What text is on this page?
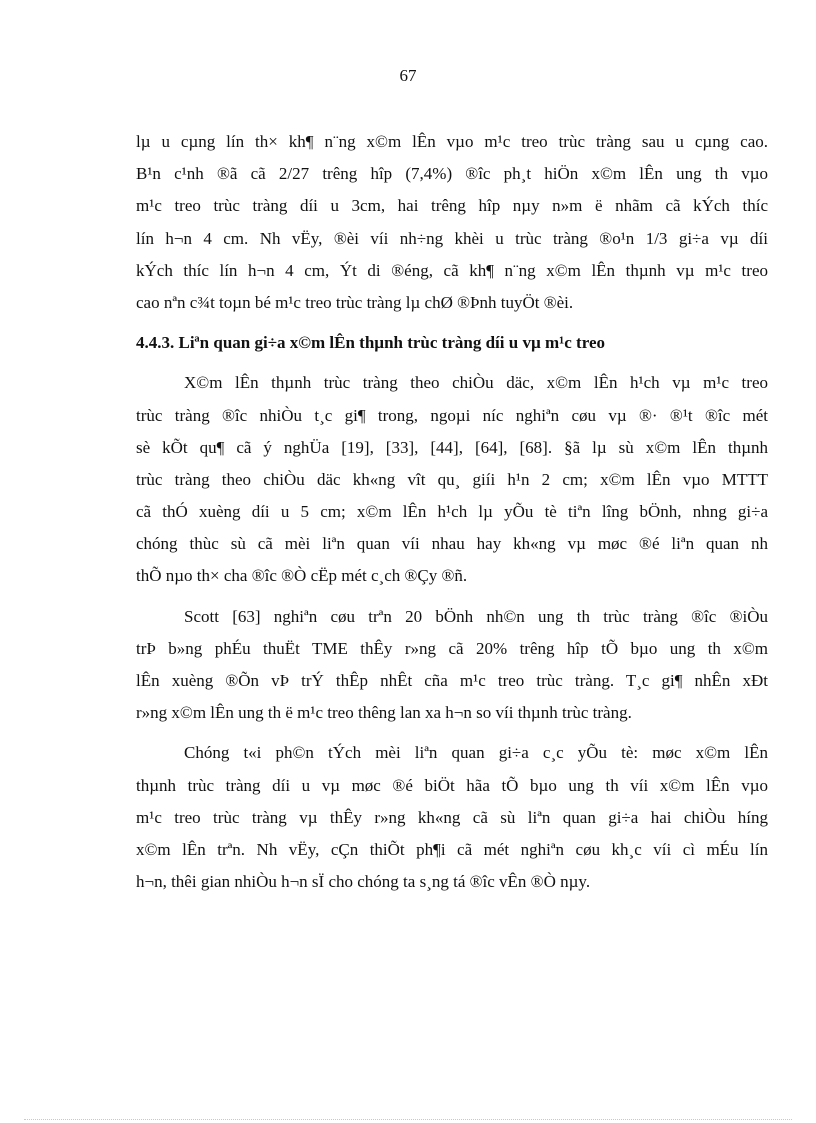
67
lµ u cµng lín th× kh¶ n¨ng x©m lÊn vµo m¹c treo trùc tràng sau u cµng cao.
B¹n c¹nh ®ã cã 2/27 trêng hîp (7,4%) ®îc ph¸t hiÖn x©m lÊn ung th vµo
m¹c treo trùc tràng díi u 3cm, hai trêng hîp nµy n»m ë nhãm cã kÝch thíc
lín h¬n 4 cm. Nh vËy, ®èi víi nh÷ng khèi u trùc tràng ®o¹n 1/3 gi÷a vµ díi
kÝch thíc lín h¬n 4 cm, Ýt di ®éng, cã kh¶ n¨ng x©m lÊn thµnh vµ m¹c treo
cao nªn c¾t toµn bé m¹c treo trùc tràng lµ chØ ®Þnh tuyÖt ®èi.
4.4.3. Liªn quan gi÷a x©m lÊn thµnh trùc tràng díi u vµ m¹c treo
X©m lÊn thµnh trùc tràng theo chiÒu däc, x©m lÊn h¹ch vµ m¹c treo
trùc tràng ®îc nhiÒu t¸c gi¶ trong, ngoµi níc nghiªn cøu vµ ®· ®¹t ®îc mét
sè kÕt qu¶ cã ý nghÜa [19], [33], [44], [64], [68]. §ã lµ sù x©m lÊn thµnh
trùc tràng theo chiÒu däc kh«ng vît qu¸ giíi h¹n 2 cm; x©m lÊn vµo MTTT
cã thÓ xuèng díi u 5 cm; x©m lÊn h¹ch lµ yÕu tè tiªn lîng bÖnh, nhng gi÷a
chóng thùc sù cã mèi liªn quan víi nhau hay kh«ng vµ møc ®é liªn quan nh
thÕ nµo th× cha ®îc ®Ò cËp mét c¸ch ®Çy ®ñ.
Scott [63] nghiªn cøu trªn 20 bÖnh nh©n ung th trùc tràng ®îc ®iÒu
trÞ b»ng phÉu thuËt TME thÊy r»ng cã 20% trêng hîp tÕ bµo ung th x©m
lÊn xuèng ®Õn vÞ trÝ thÊp nhÊt cña m¹c treo trùc tràng. T¸c gi¶ nhÊn xÐt
r»ng x©m lÊn ung th ë m¹c treo thêng lan xa h¬n so víi thµnh trùc tràng.
Chóng t«i ph©n tÝch mèi liªn quan gi÷a c¸c yÕu tè: møc x©m lÊn
thµnh trùc tràng díi u vµ møc ®é biÖt hãa tÕ bµo ung th víi x©m lÊn vµo
m¹c treo trùc tràng vµ thÊy r»ng kh«ng cã sù liªn quan gi÷a hai chiÒu híng
x©m lÊn trªn. Nh vËy, cÇn thiÕt ph¶i cã mét nghiªn cøu kh¸c víi cì mÉu lín
h¬n, thêi gian nhiÒu h¬n sÏ cho chóng ta s¸ng tá ®îc vÊn ®Ò nµy.
